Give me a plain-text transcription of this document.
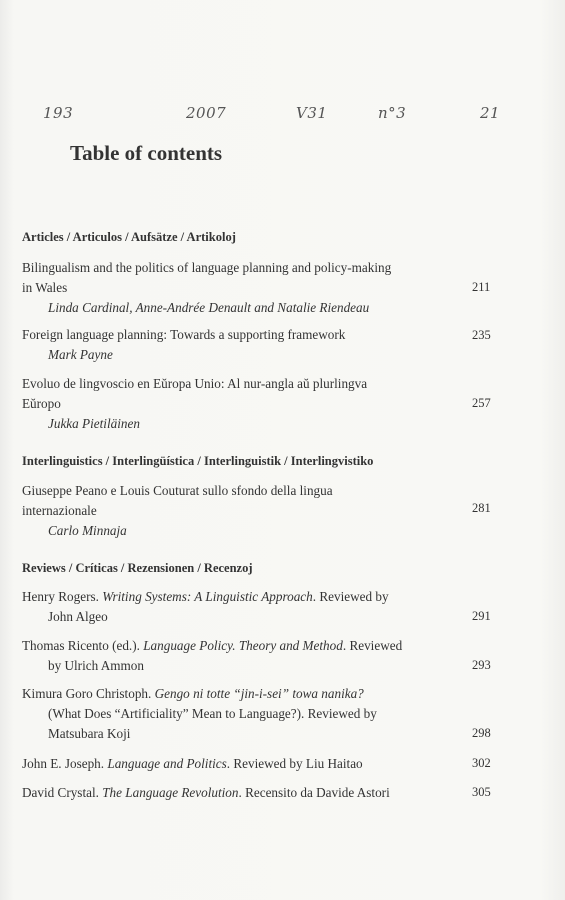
193	2007	V31	n°3	21
Table of contents
Articles / Articulos / Aufsätze / Artikoloj
Bilingualism and the politics of language planning and policy-making
in Wales
Linda Cardinal, Anne-Andrée Denault and Natalie Riendeau
211
Foreign language planning: Towards a supporting framework
Mark Payne
235
Evoluo de lingvoscio en Eŭropa Unio: Al nur-angla aŭ plurlingva
Eŭropo
Jukka Pietiläinen
257
Interlinguistics / Interlingüística / Interlinguistik / Interlingvistiko
Giuseppe Peano e Louis Couturat sullo sfondo della lingua
internazionale
Carlo Minnaja
281
Reviews / Críticas / Rezensionen / Recenzoj
Henry Rogers. Writing Systems: A Linguistic Approach. Reviewed by
John Algeo	291
Thomas Ricento (ed.). Language Policy. Theory and Method. Reviewed
by Ulrich Ammon	293
Kimura Goro Christoph. Gengo ni totte “jin-i-sei” towa nanika?
(What Does “Artificiality” Mean to Language?). Reviewed by
Matsubara Koji	298
John E. Joseph. Language and Politics. Reviewed by Liu Haitao	302
David Crystal. The Language Revolution. Recensito da Davide Astori	305
